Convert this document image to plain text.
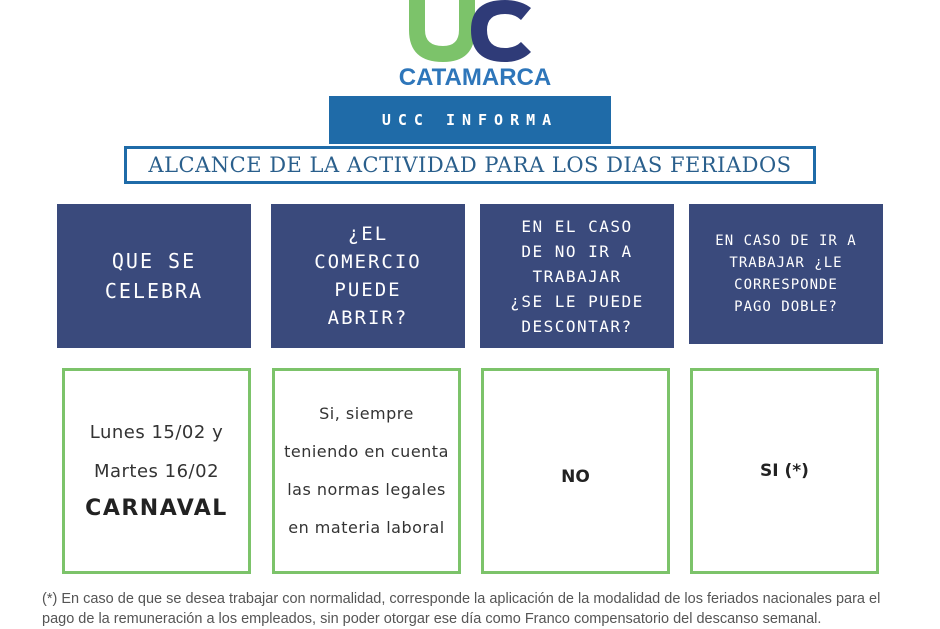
CATAMARCA
UCC INFORMA
ALCANCE DE LA ACTIVIDAD PARA LOS DIAS FERIADOS
QUE SE
CELEBRA
¿EL
COMERCIO
PUEDE
ABRIR?
EN EL CASO
DE NO IR A
TRABAJAR
¿SE LE PUEDE
DESCONTAR?
EN CASO DE IR A
TRABAJAR ¿LE
CORRESPONDE
PAGO DOBLE?
Lunes 15/02 y
Martes 16/02
CARNAVAL
Si, siempre
teniendo en cuenta
las normas legales
en materia laboral
NO	SI (*)
(*) En caso de que se desea trabajar con normalidad, corresponde la aplicación de la modalidad de los feriados nacionales para el pago de la remuneración a los empleados, sin poder otorgar ese día como Franco compensatorio del descanso semanal.
